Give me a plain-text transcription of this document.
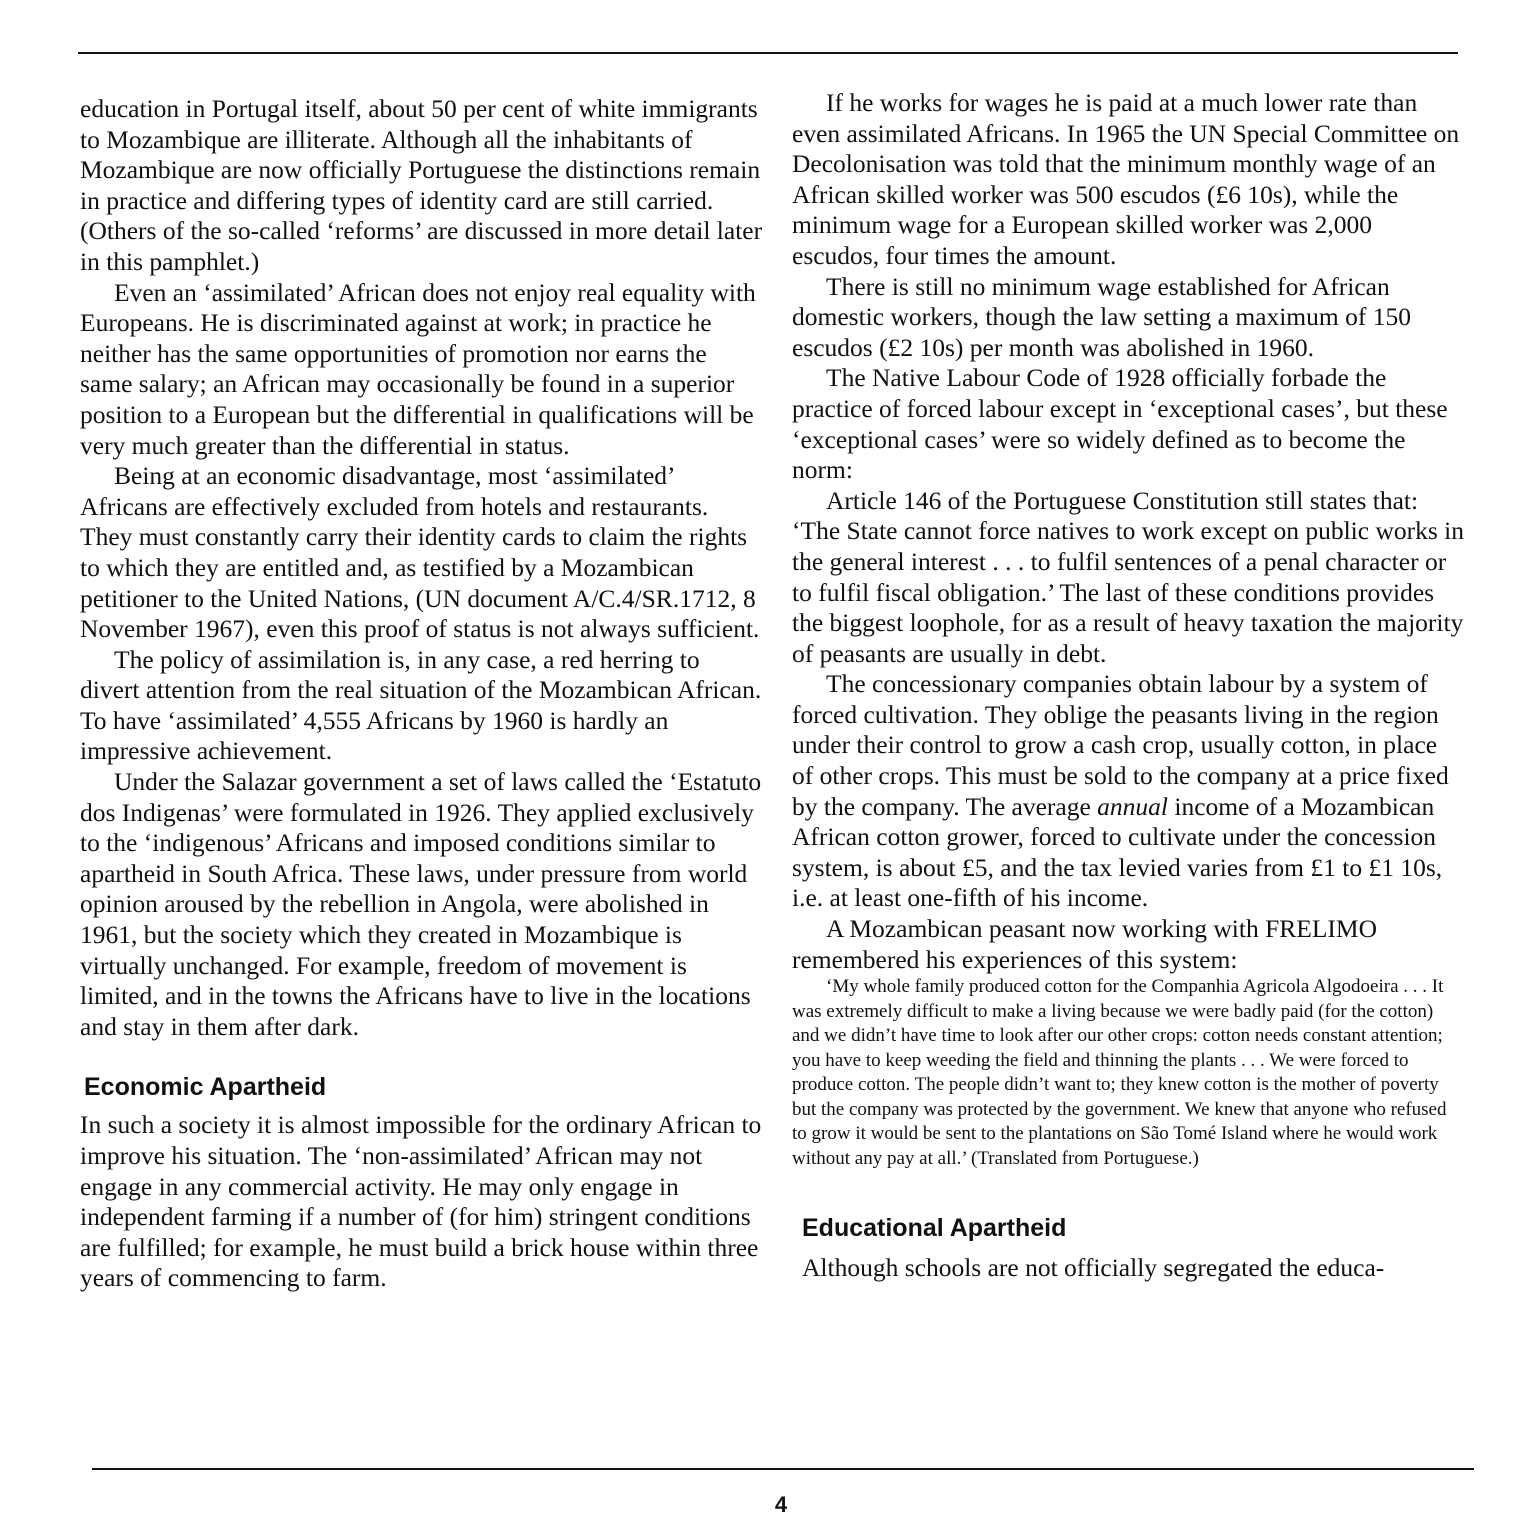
education in Portugal itself, about 50 per cent of white immigrants to Mozambique are illiterate. Although all the inhabitants of Mozambique are now officially Portuguese the distinctions remain in practice and differing types of identity card are still carried. (Others of the so-called ‘reforms’ are discussed in more detail later in this pamphlet.)

Even an ‘assimilated’ African does not enjoy real equality with Europeans. He is discriminated against at work; in practice he neither has the same opportunities of promotion nor earns the same salary; an African may occasionally be found in a superior position to a European but the differential in qualifications will be very much greater than the differential in status.

Being at an economic disadvantage, most ‘assimilated’ Africans are effectively excluded from hotels and restaurants. They must constantly carry their identity cards to claim the rights to which they are entitled and, as testified by a Mozambican petitioner to the United Nations, (UN document A/C.4/SR.1712, 8 November 1967), even this proof of status is not always sufficient.

The policy of assimilation is, in any case, a red herring to divert attention from the real situation of the Mozambican African. To have ‘assimilated’ 4,555 Africans by 1960 is hardly an impressive achievement.

Under the Salazar government a set of laws called the ‘Estatuto dos Indigenas’ were formulated in 1926. They applied exclusively to the ‘indigenous’ Africans and imposed conditions similar to apartheid in South Africa. These laws, under pressure from world opinion aroused by the rebellion in Angola, were abolished in 1961, but the society which they created in Mozambique is virtually unchanged. For example, freedom of movement is limited, and in the towns the Africans have to live in the locations and stay in them after dark.

Economic Apartheid

In such a society it is almost impossible for the ordinary African to improve his situation. The ‘non-assimilated’ African may not engage in any commercial activity. He may only engage in independent farming if a number of (for him) stringent conditions are fulfilled; for example, he must build a brick house within three years of commencing to farm.

If he works for wages he is paid at a much lower rate than even assimilated Africans. In 1965 the UN Special Committee on Decolonisation was told that the minimum monthly wage of an African skilled worker was 500 escudos (£6 10s), while the minimum wage for a European skilled worker was 2,000 escudos, four times the amount.

There is still no minimum wage established for African domestic workers, though the law setting a maximum of 150 escudos (£2 10s) per month was abolished in 1960.

The Native Labour Code of 1928 officially forbade the practice of forced labour except in ‘exceptional cases’, but these ‘exceptional cases’ were so widely defined as to become the norm:

Article 146 of the Portuguese Constitution still states that: ‘The State cannot force natives to work except on public works in the general interest . . . to fulfil sentences of a penal character or to fulfil fiscal obligation.’ The last of these conditions provides the biggest loophole, for as a result of heavy taxation the majority of peasants are usually in debt.

The concessionary companies obtain labour by a system of forced cultivation. They oblige the peasants living in the region under their control to grow a cash crop, usually cotton, in place of other crops. This must be sold to the company at a price fixed by the company. The average annual income of a Mozambican African cotton grower, forced to cultivate under the concession system, is about £5, and the tax levied varies from £1 to £1 10s, i.e. at least one-fifth of his income.

A Mozambican peasant now working with FRELIMO remembered his experiences of this system:

‘My whole family produced cotton for the Companhia Agricola Algodoeira . . . It was extremely difficult to make a living because we were badly paid (for the cotton) and we didn’t have time to look after our other crops: cotton needs constant attention; you have to keep weeding the field and thinning the plants . . . We were forced to produce cotton. The people didn’t want to; they knew cotton is the mother of poverty but the company was protected by the government. We knew that anyone who refused to grow it would be sent to the plantations on São Tomé Island where he would work without any pay at all.’ (Translated from Portuguese.)

Educational Apartheid

Although schools are not officially segregated the educa-

4
